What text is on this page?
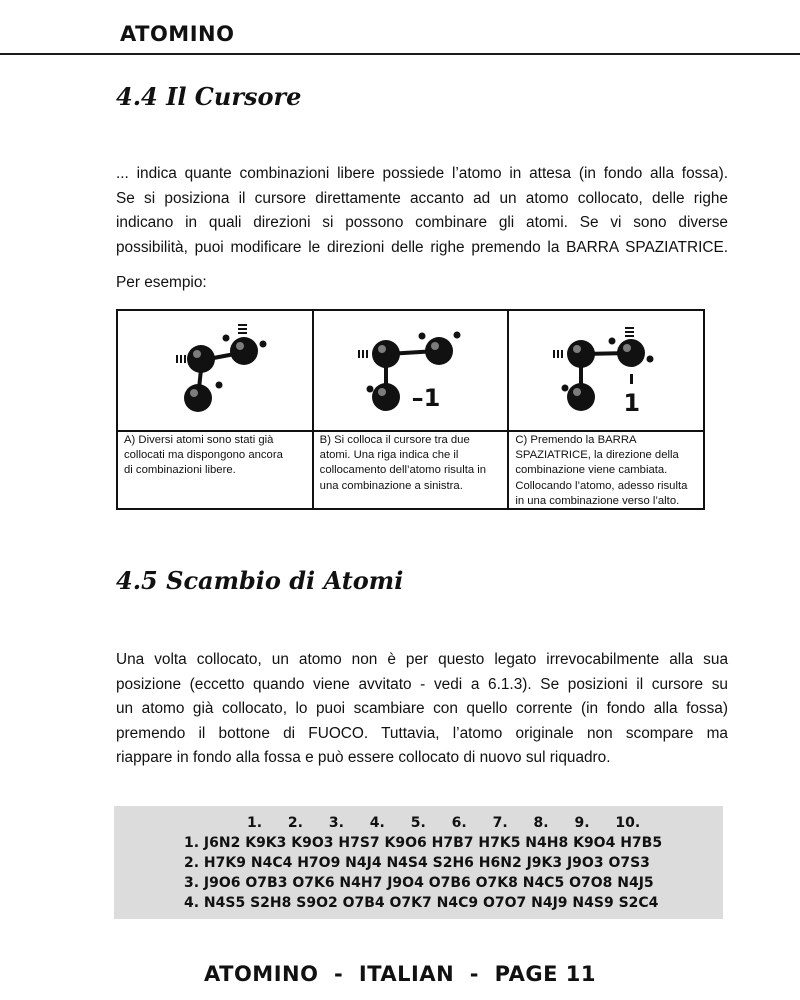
ATOMINO
4.4 Il Cursore
... indica quante combinazioni libere possiede l’atomo in attesa (in fondo alla fossa).
Se si posiziona il cursore direttamente accanto ad un atomo collocato, delle righe
indicano in quali direzioni si possono combinare gli atomi. Se vi sono diverse
possibilità, puoi modificare le direzioni delle righe premendo la BARRA SPAZIATRICE.

Per esempio:

A) Diversi atomi sono stati già
collocati ma dispongono ancora
di combinazioni libere.
–1
B) Si colloca il cursore tra due
atomi. Una riga indica che il
collocamento dell’atomo risulta in
una combinazione a sinistra.
1
C) Premendo la BARRA
SPAZIATRICE, la direzione della
combinazione viene cambiata.
Collocando l’atomo, adesso risulta
in una combinazione verso l’alto.
4.5 Scambio di Atomi
Una volta collocato, un atomo non è per questo legato irrevocabilmente alla sua
posizione (eccetto quando viene avvitato - vedi a 6.1.3). Se posizioni il cursore su
un atomo già collocato, lo puoi scambiare con quello corrente (in fondo alla fossa)
premendo il bottone di FUOCO. Tuttavia, l’atomo originale non scompare ma
riappare in fondo alla fossa e può essere collocato di nuovo sul riquadro.
1. 2. 3. 4. 5. 6. 7. 8. 9. 10.
1. J6N2 K9K3 K9O3 H7S7 K9O6 H7B7 H7K5 N4H8 K9O4 H7B5
2. H7K9 N4C4 H7O9 N4J4 N4S4 S2H6 H6N2 J9K3 J9O3 O7S3
3. J9O6 O7B3 O7K6 N4H7 J9O4 O7B6 O7K8 N4C5 O7O8 N4J5
4. N4S5 S2H8 S9O2 O7B4 O7K7 N4C9 O7O7 N4J9 N4S9 S2C4
ATOMINO  -  ITALIAN  -  PAGE 11
